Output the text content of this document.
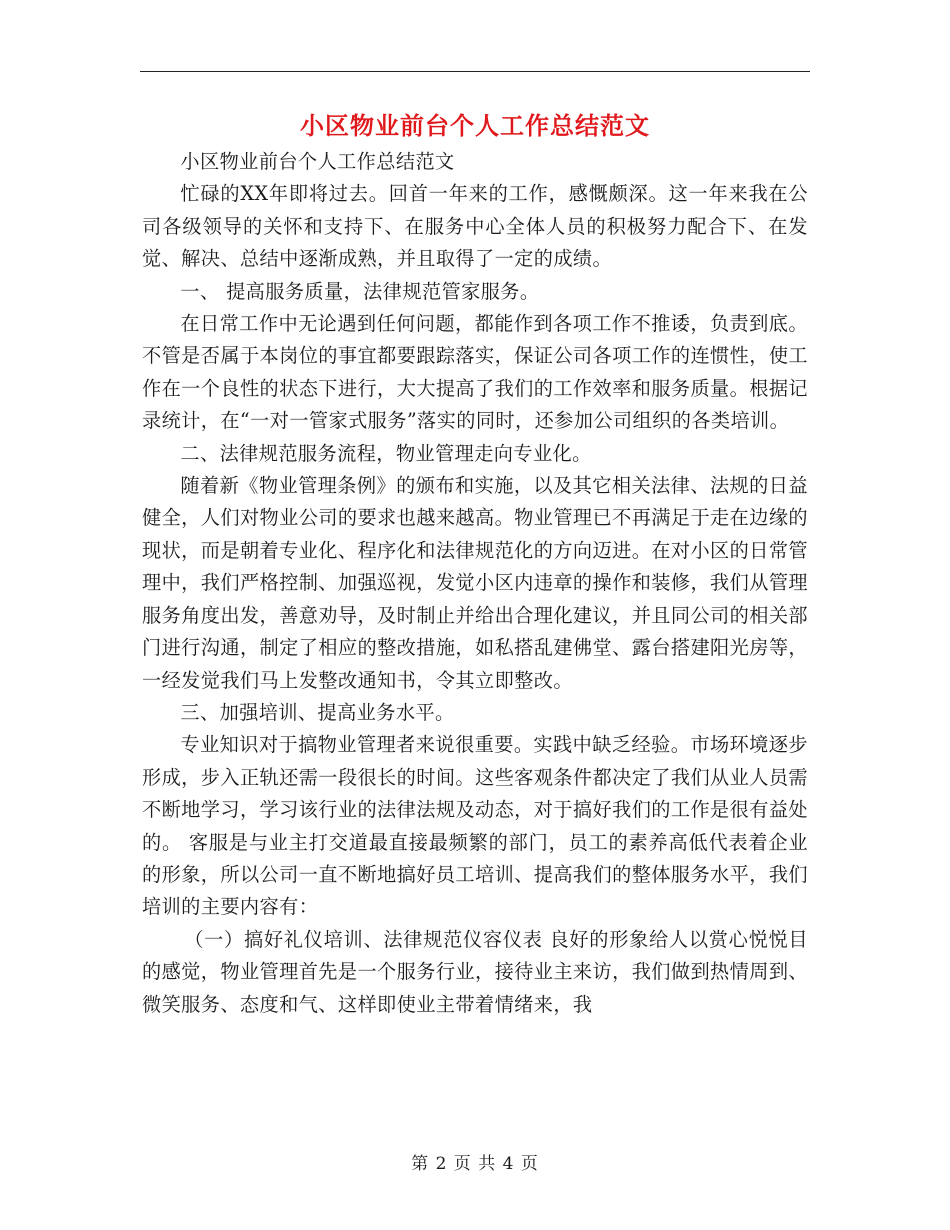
小区物业前台个人工作总结范文

小区物业前台个人工作总结范文

忙碌的XX年即将过去。回首一年来的工作，感慨颇深。这一年来我在公司各级领导的关怀和支持下、在服务中心全体人员的积极努力配合下、在发觉、解决、总结中逐渐成熟，并且取得了一定的成绩。

一、 提高服务质量，法律规范管家服务。

在日常工作中无论遇到任何问题，都能作到各项工作不推诿，负责到底。不管是否属于本岗位的事宜都要跟踪落实，保证公司各项工作的连惯性，使工作在一个良性的状态下进行，大大提高了我们的工作效率和服务质量。根据记录统计，在“一对一管家式服务”落实的同时，还参加公司组织的各类培训。

二、法律规范服务流程，物业管理走向专业化。

随着新《物业管理条例》的颁布和实施，以及其它相关法律、法规的日益健全，人们对物业公司的要求也越来越高。物业管理已不再满足于走在边缘的现状，而是朝着专业化、程序化和法律规范化的方向迈进。在对小区的日常管理中，我们严格控制、加强巡视，发觉小区内违章的操作和装修，我们从管理服务角度出发，善意劝导，及时制止并给出合理化建议，并且同公司的相关部门进行沟通，制定了相应的整改措施，如私搭乱建佛堂、露台搭建阳光房等，一经发觉我们马上发整改通知书，令其立即整改。

三、加强培训、提高业务水平。

专业知识对于搞物业管理者来说很重要。实践中缺乏经验。市场环境逐步形成，步入正轨还需一段很长的时间。这些客观条件都决定了我们从业人员需不断地学习，学习该行业的法律法规及动态，对于搞好我们的工作是很有益处的。 客服是与业主打交道最直接最频繁的部门，员工的素养高低代表着企业的形象，所以公司一直不断地搞好员工培训、提高我们的整体服务水平，我们培训的主要内容有：

（一）搞好礼仪培训、法律规范仪容仪表 良好的形象给人以赏心悦悦目的感觉，物业管理首先是一个服务行业，接待业主来访，我们做到热情周到、微笑服务、态度和气、这样即使业主带着情绪来，我

第 2 页 共 4 页
